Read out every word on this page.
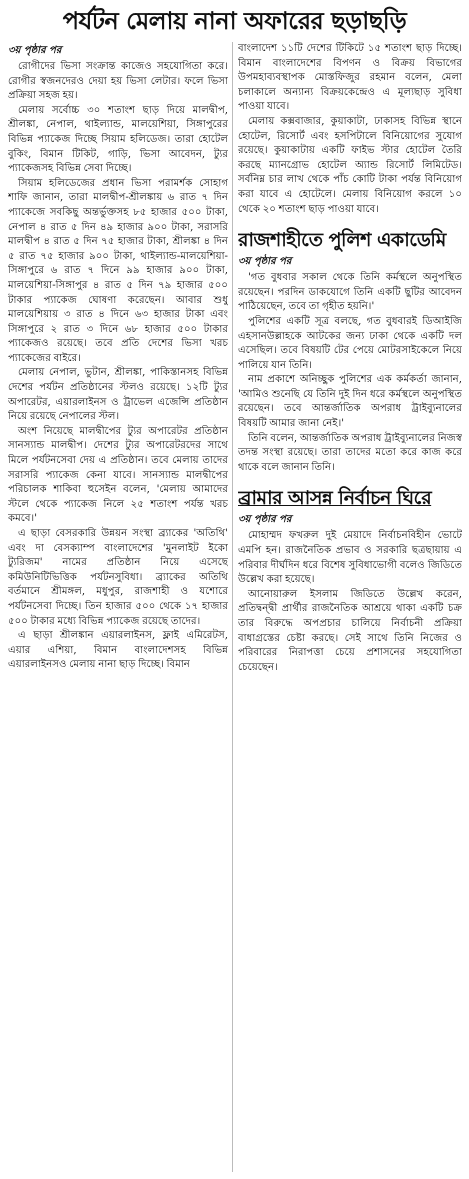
পর্যটন মেলায় নানা অফারের ছড়াছড়ি
৩য় পৃষ্ঠার পর

রোগীদের ভিসা সংক্রান্ত কাজেও সহযোগিতা করে। রোগীর স্বজনদেরও দেয়া হয় ভিসা লেটার। ফলে ভিসা প্রক্রিয়া সহজ হয়।

মেলায় সর্বোচ্চ ৩০ শতাংশ ছাড় দিয়ে মালদ্বীপ, শ্রীলঙ্কা, নেপাল, থাইল্যান্ড, মালয়েশিয়া, সিঙ্গাপুরের বিভিন্ন প্যাকেজ দিচ্ছে সিয়াম হলিডেজ। তারা হোটেল বুকিং, বিমান টিকিট, গাড়ি, ভিসা আবেদন, ট্যুর প্যাকেজসহ বিভিন্ন সেবা দিচ্ছে।

সিয়াম হলিডেজের প্রধান ভিসা পরামর্শক সোহাগ শাফি জানান, তারা মালদ্বীপ-শ্রীলঙ্কায় ৬ রাত ৭ দিন প্যাকেজে সবকিছু অন্তর্ভুক্তসহ ৮৫ হাজার ৫০০ টাকা, নেপাল ৪ রাত ৫ দিন ৪৯ হাজার ৯০০ টাকা, সরাসরি মালদ্বীপ ৪ রাত ৫ দিন ৭৫ হাজার টাকা, শ্রীলঙ্কা ৪ দিন ৫ রাত ৭৫ হাজার ৯০০ টাকা, থাইল্যান্ড-মালয়েশিয়া-সিঙ্গাপুরে ৬ রাত ৭ দিনে ৯৯ হাজার ৯০০ টাকা, মালয়েশিয়া-সিঙ্গাপুর ৪ রাত ৫ দিন ৭৯ হাজার ৫০০ টাকার প্যাকেজ ঘোষণা করেছেন। আবার শুধু মালয়েশিয়ায় ৩ রাত ৪ দিনে ৬৩ হাজার টাকা এবং সিঙ্গাপুরে ২ রাত ৩ দিনে ৬৮ হাজার ৫০০ টাকার প্যাকেজও রয়েছে। তবে প্রতি দেশের ভিসা খরচ প্যাকেজের বাইরে।

মেলায় নেপাল, ভুটান, শ্রীলঙ্কা, পাকিস্তানসহ বিভিন্ন দেশের পর্যটন প্রতিষ্ঠানের স্টলও রয়েছে। ১২টি ট্যুর অপারেটর, এয়ারলাইনস ও ট্রাভেল এজেন্সি প্রতিষ্ঠান নিয়ে রয়েছে নেপালের স্টল।

অংশ নিয়েছে মালদ্বীপের ট্যুর অপারেটর প্রতিষ্ঠান সানস্যান্ড মালদ্বীপ। দেশের ট্যুর অপারেটরদের সাথে মিলে পর্যটনসেবা দেয় এ প্রতিষ্ঠান। তবে মেলায় তাদের সরাসরি প্যাকেজ কেনা যাবে। সানস্যান্ড মালদ্বীপের পরিচালক শাকিবা হুসেইন বলেন, 'মেলায় আমাদের স্টলে থেকে প্যাকেজ নিলে ২৫ শতাংশ পর্যন্ত খরচ কমবে।'

এ ছাড়া বেসরকারি উন্নয়ন সংস্থা ব্র্যাকের 'অতিথি' এবং দা বেসক্যাম্প বাংলাদেশের 'মুনলাইট ইকো ট্যুরিজম' নামের প্রতিষ্ঠান নিয়ে এসেছে কমিউনিটিভিত্তিক পর্যটনসুবিধা। ব্র্যাকের অতিথি বর্তমানে শ্রীমঙ্গল, মধুপুর, রাজশাহী ও যশোরে পর্যটনসেবা দিচ্ছে। তিন হাজার ৫০০ থেকে ১৭ হাজার ৫০০ টাকার মধ্যে বিভিন্ন প্যাকেজ রয়েছে তাদের।

এ ছাড়া শ্রীলঙ্কান এয়ারলাইনস, ফ্লাই এমিরেটস, এয়ার এশিয়া, বিমান বাংলাদেশসহ বিভিন্ন এয়ারলাইনসও মেলায় নানা ছাড় দিচ্ছে। বিমান

বাংলাদেশ ১১টি দেশের টিকিটে ১৫ শতাংশ ছাড় দিচ্ছে। বিমান বাংলাদেশের বিপণন ও বিক্রয় বিভাগের উপমহাব্যবস্থাপক মোস্তফিজুর রহমান বলেন, মেলা চলাকালে অন্যান্য বিক্রয়কেন্দ্রেও এ মূল্যছাড় সুবিধা পাওয়া যাবে।

মেলায় কক্সবাজার, কুয়াকাটা, ঢাকাসহ বিভিন্ন স্থানে হোটেল, রিসোর্ট এবং হসপিটালে বিনিয়োগের সুযোগ রয়েছে। কুয়াকাটায় একটি ফাইভ স্টার হোটেল তৈরি করছে ম্যানগ্রোভ হোটেল অ্যান্ড রিসোর্ট লিমিটেড। সর্বনিম্ন চার লাখ থেকে পাঁচ কোটি টাকা পর্যন্ত বিনিয়োগ করা যাবে এ হোটেলে। মেলায় বিনিয়োগ করলে ১০ থেকে ২০ শতাংশ ছাড় পাওয়া যাবে।

রাজশাহীতে পুলিশ একাডেমি
৩য় পৃষ্ঠার পর

'গত বুধবার সকাল থেকে তিনি কর্মস্থলে অনুপস্থিত রয়েছেন। পরদিন ডাকযোগে তিনি একটি ছুটির আবেদন পাঠিয়েছেন, তবে তা গৃহীত হয়নি।'

পুলিশের একটি সূত্র বলছে, গত বুধবারই ডিআইজি এহসানউল্লাহকে আটকের জন্য ঢাকা থেকে একটি দল এসেছিল। তবে বিষয়টি টের পেয়ে মোটরসাইকেলে নিয়ে পালিয়ে যান তিনি।

নাম প্রকাশে অনিচ্ছুক পুলিশের এক কর্মকর্তা জানান, 'আমিও শুনেছি যে তিনি দুই দিন ধরে কর্মস্থলে অনুপস্থিত রয়েছেন। তবে আন্তর্জাতিক অপরাধ ট্রাইব্যুনালের বিষয়টি আমার জানা নেই।'

তিনি বলেন, আন্তর্জাতিক অপরাধ ট্রাইব্যুনালের নিজস্ব তদন্ত সংস্থা রয়েছে। তারা তাদের মতো করে কাজ করে থাকে বলে জানান তিনি।

ব্রামার আসন্ন নির্বাচন ঘিরে
৩য় পৃষ্ঠার পর

মোহাম্মদ ফখরুল দুই মেয়াদে নির্বাচনবিহীন ভোটে এমপি হন। রাজনৈতিক প্রভাব ও সরকারি ছত্রছায়ায় এ পরিবার দীর্ঘদিন ধরে বিশেষ সুবিধাভোগী বলেও জিডিতে উল্লেখ করা হয়েছে।

আনোয়ারুল ইসলাম জিডিতে উল্লেখ করেন, প্রতিদ্বন্দ্বী প্রার্থীর রাজনৈতিক আশ্রয়ে থাকা একটি চক্র তার বিরুদ্ধে অপপ্রচার চালিয়ে নির্বাচনী প্রক্রিয়া বাধাগ্রস্তের চেষ্টা করছে। সেই সাথে তিনি নিজের ও পরিবারের নিরাপত্তা চেয়ে প্রশাসনের সহযোগিতা চেয়েছেন।
